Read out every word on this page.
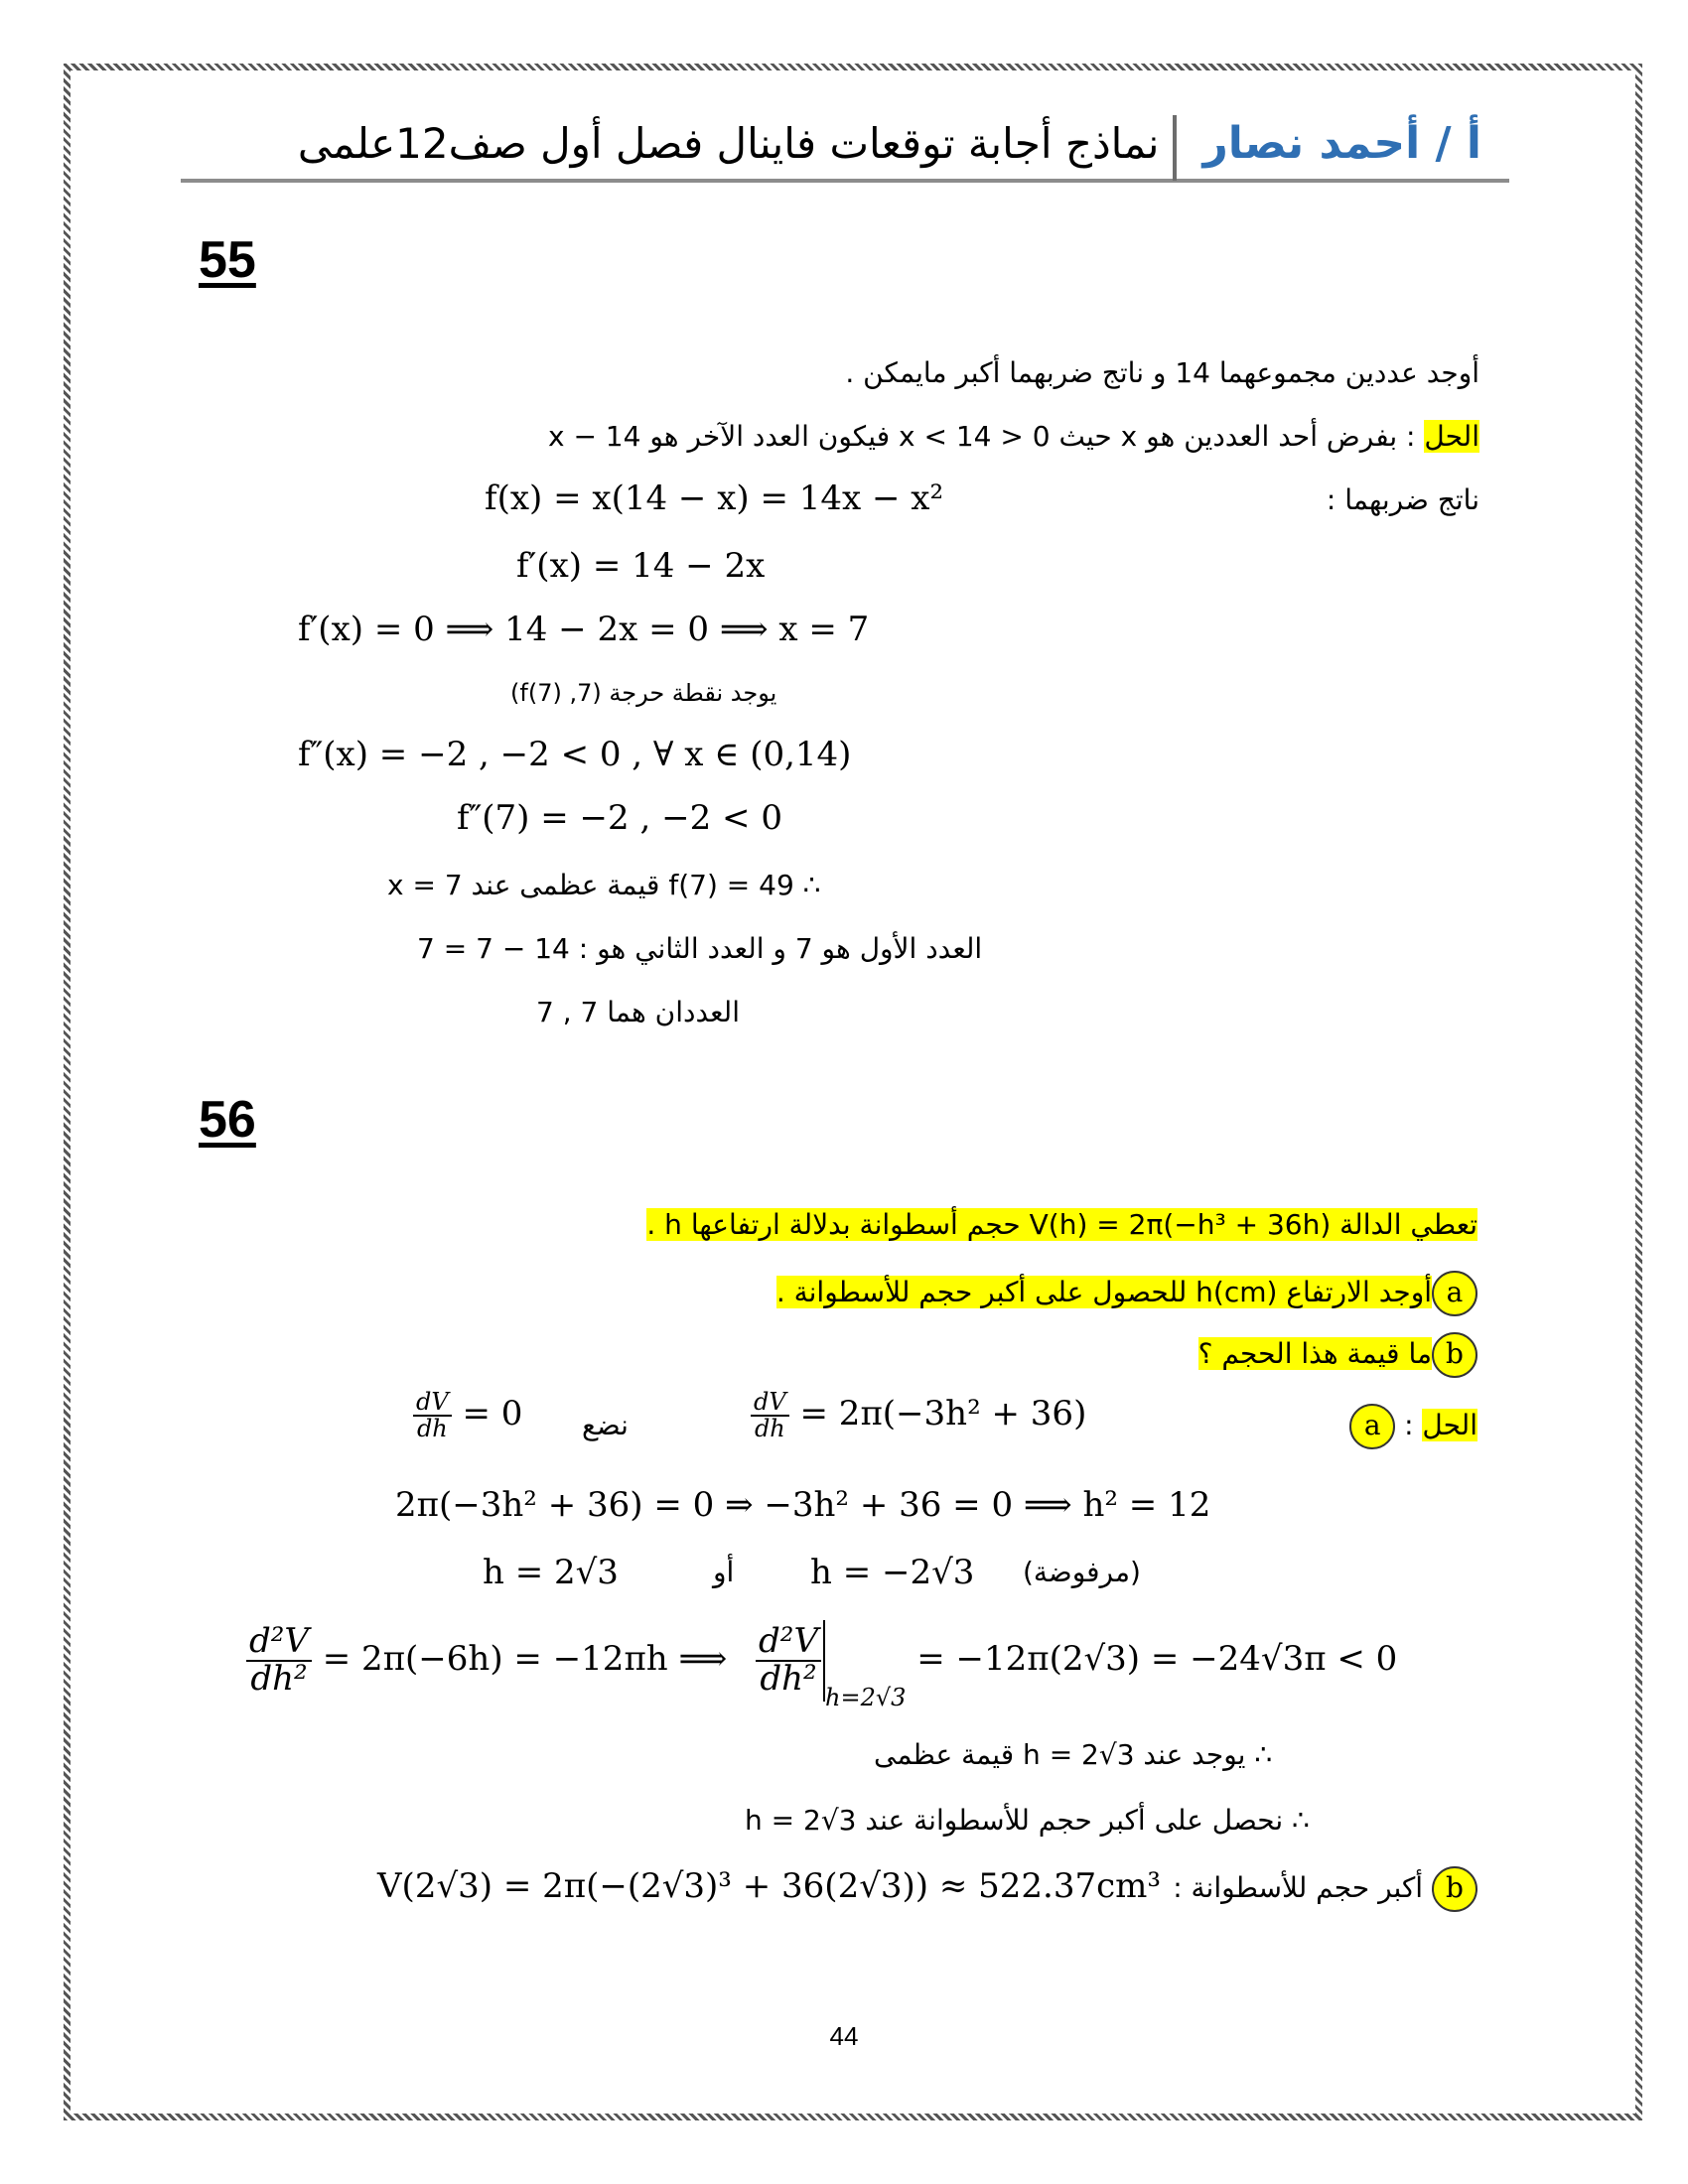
أ / أحمد نصار
نماذج أجابة توقعات فاينال فصل أول صف12علمى
55
أوجد عددين مجموعهما 14 و ناتج ضربهما أكبر مايمكن .
الحل : بفرض أحد العددين هو x حيث 0 < x < 14 فيكون العدد الآخر هو x − 14
ناتج ضربهما :
f(x) = x(14 − x) = 14x − x²
f′(x) = 14 − 2x
f′(x) = 0 ⟹ 14 − 2x = 0 ⟹ x = 7
يوجد نقطة حرجة (7, f(7))
f″(x) = −2 , −2 < 0 , ∀ x ∈ (0,14)
f″(7) = −2 , −2 < 0
∴ f(7) = 49 قيمة عظمى عند x = 7
العدد الأول هو 7 و العدد الثاني هو : 14 − 7 = 7
العددان هما 7 , 7
56
تعطي الدالة V(h) = 2π(−h³ + 36h) حجم أسطوانة بدلالة ارتفاعها h .
aأوجد الارتفاع h(cm) للحصول على أكبر حجم للأسطوانة .
bما قيمة هذا الحجم ؟
الحل : a
$\frac{dV}{dh} = 2\pi(-3h^2 + 36)$
نضع
$\frac{dV}{dh} = 0$
2π(−3h² + 36) = 0 ⇒ −3h² + 36 = 0 ⟹ h² = 12
h = 2√3	أو h = −2√3 (مرفوضة)
$\frac{\text{d²V}}{\text{dh²}} = 2\pi(-6h) = -12\pi h$ ⟹ $\frac{\text{d²V}}{\text{dh²}}$
$_{h=2√3}$ = −12π(2√3) = −24√3π < 0
∴ يوجد عند h = 2√3 قيمة عظمى
∴ نحصل على أكبر حجم للأسطوانة عند h = 2√3
b أكبر حجم للأسطوانة :
V(2√3) = 2π(−(2√3)³ + 36(2√3)) ≈ 522.37cm³
44
